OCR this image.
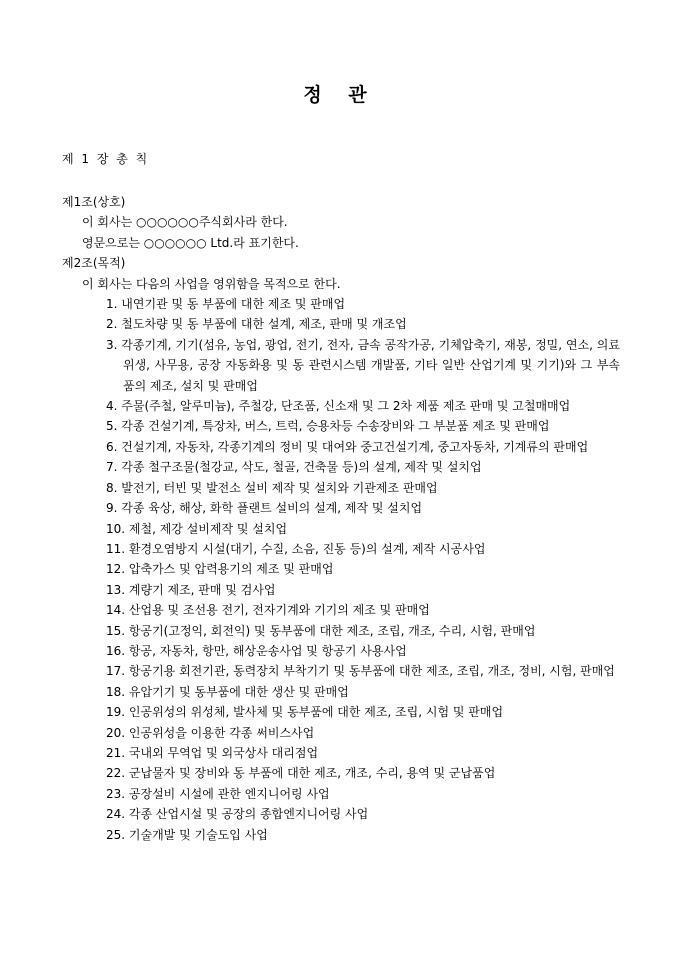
정 관
제 1 장 총 칙
제1조(상호)
이 회사는 ○○○○○○주식회사라 한다.
영문으로는 ○○○○○○ Ltd.라 표기한다.
제2조(목적)
이 회사는 다음의 사업을 영위함을 목적으로 한다.
1. 내연기관 및 동 부품에 대한 제조 및 판매업
2. 철도차량 및 동 부품에 대한 설계, 제조, 판매 및 개조업
3. 각종기계, 기기(섬유, 농업, 광업, 전기, 전자, 금속 공작가공, 기체압축기, 재봉, 정밀, 연소, 의료 위생, 사무용, 공장 자동화용 및 동 관련시스템 개발품, 기타 일반 산업기계 및 기기)와 그 부속품의 제조, 설치 및 판매업
4. 주물(주철, 알루미늄), 주철강, 단조품, 신소재 및 그 2차 제품 제조 판매 및 고철매매업
5. 각종 건설기계, 특장차, 버스, 트럭, 승용차등 수송장비와 그 부분품 제조 및 판매업
6. 건설기계, 자동차, 각종기계의 정비 및 대여와 중고건설기계, 중고자동차, 기계류의 판매업
7. 각종 철구조물(철강교, 삭도, 철골, 건축물 등)의 설계, 제작 및 설치업
8. 발전기, 터빈 및 발전소 설비 제작 및 설치와 기관제조 판매업
9. 각종 육상, 해상, 화학 플랜트 설비의 설계, 제작 및 설치업
10. 제철, 제강 설비제작 및 설치업
11. 환경오염방지 시설(대기, 수질, 소음, 진동 등)의 설계, 제작 시공사업
12. 압축가스 및 압력용기의 제조 및 판매업
13. 계량기 제조, 판매 및 검사업
14. 산업용 및 조선용 전기, 전자기계와 기기의 제조 및 판매업
15. 항공기(고정익, 회전익) 및 동부품에 대한 제조, 조립, 개조, 수리, 시험, 판매업
16. 항공, 자동차, 항만, 해상운송사업 및 항공기 사용사업
17. 항공기용 회전기관, 동력장치 부착기기 및 동부품에 대한 제조, 조립, 개조, 정비, 시험, 판매업
18. 유압기기 및 동부품에 대한 생산 및 판매업
19. 인공위성의 위성체, 발사체 및 동부품에 대한 제조, 조립, 시험 및 판매업
20. 인공위성을 이용한 각종 써비스사업
21. 국내외 무역업 및 외국상사 대리점업
22. 군납물자 및 장비와 동 부품에 대한 제조, 개조, 수리, 용역 및 군납품업
23. 공장설비 시설에 관한 엔지니어링 사업
24. 각종 산업시설 및 공장의 종합엔지니어링 사업
25. 기술개발 및 기술도입 사업
